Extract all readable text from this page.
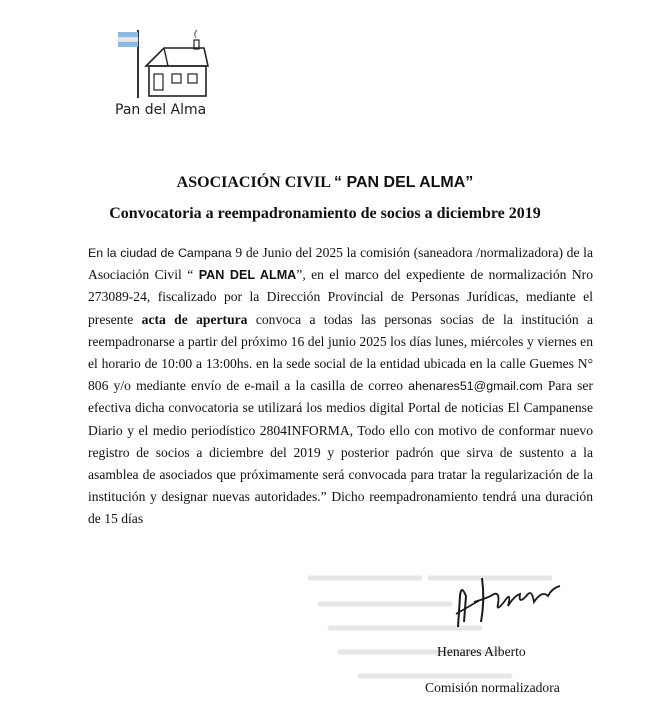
Pan del Alma
ASOCIACIÓN CIVIL “ PAN DEL ALMA”
Convocatoria a reempadronamiento de socios a diciembre 2019
En la ciudad de Campana 9 de Junio del 2025 la comisión (saneadora /normalizadora) de la Asociación Civil “ PAN DEL ALMA”, en el marco del expediente de normalización Nro 273089-24, fiscalizado por la Dirección Provincial de Personas Jurídicas, mediante el presente acta de apertura convoca a todas las personas socias de la institución a reempadronarse a partir del próximo 16 del junio 2025 los días lunes, miércoles y viernes en el horario de 10:00 a 13:00hs. en la sede social de la entidad ubicada en la calle Guemes N° 806 y/o mediante envío de e-mail a la casilla de correo ahenares51@gmail.com Para ser efectiva dicha convocatoria se utilizará los medios digital Portal de noticias El Campanense Diario y el medio periodístico 2804INFORMA, Todo ello con motivo de conformar nuevo registro de socios a diciembre del 2019 y posterior padrón que sirva de sustento a la asamblea de asociados que próximamente será convocada para tratar la regularización de la institución y designar nuevas autoridades.” Dicho reempadronamiento tendrá una duración de 15 días
Henares Alberto
Comisión normalizadora
